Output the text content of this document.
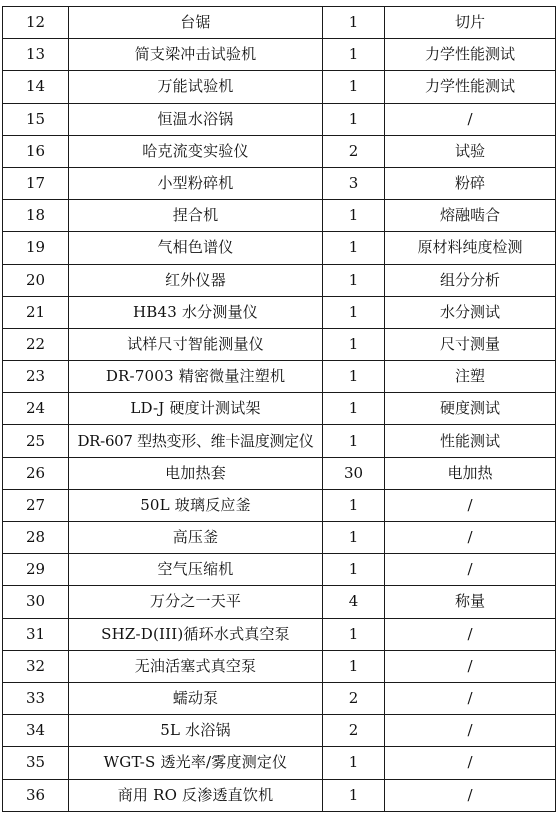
12	台锯	1	切片
13	简支梁冲击试验机	1	力学性能测试
14	万能试验机	1	力学性能测试
15	恒温水浴锅	1	/
16	哈克流变实验仪	2	试验
17	小型粉碎机	3	粉碎
18	捏合机	1	熔融啮合
19	气相色谱仪	1	原材料纯度检测
20	红外仪器	1	组分分析
21	HB43 水分测量仪	1	水分测试
22	试样尺寸智能测量仪	1	尺寸测量
23	DR-7003 精密微量注塑机	1	注塑
24	LD-J 硬度计测试架	1	硬度测试
25	DR-607 型热变形、维卡温度测定仪	1	性能测试
26	电加热套	30	电加热
27	50L 玻璃反应釜	1	/
28	高压釜	1	/
29	空气压缩机	1	/
30	万分之一天平	4	称量
31	SHZ-D(III)循环水式真空泵	1	/
32	无油活塞式真空泵	1	/
33	蠕动泵	2	/
34	5L 水浴锅	2	/
35	WGT-S 透光率/雾度测定仪	1	/
36	商用 RO 反渗透直饮机	1	/
